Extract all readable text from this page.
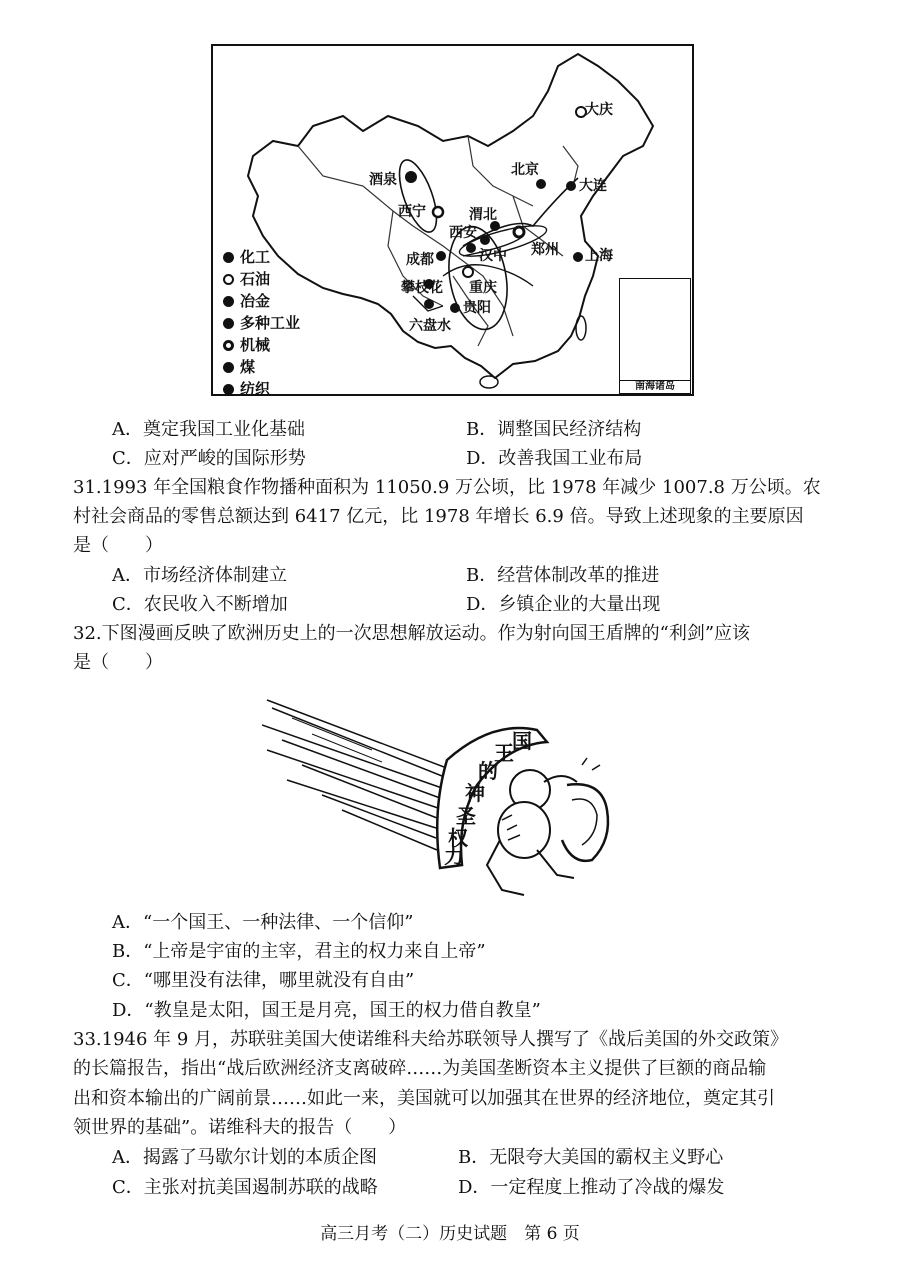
大庆
北京
大连
酒泉
西宁	渭北
西安
郑州
汉中
成都	上海
攀枝花 重庆
贵阳
六盘水
化工
石油
冶金
多种工业
机械
煤
纺织	南海诸岛
A．奠定我国工业化基础	B．调整国民经济结构
C．应对严峻的国际形势	D．改善我国工业布局
31.1993 年全国粮食作物播种面积为 11050.9 万公顷，比 1978 年减少 1007.8 万公顷。农
村社会商品的零售总额达到 6417 亿元，比 1978 年增长 6.9 倍。导致上述现象的主要原因
是（　　）
A．市场经济体制建立	B．经营体制改革的推进
C．农民收入不断增加	D．乡镇企业的大量出现
32.下图漫画反映了欧洲历史上的一次思想解放运动。作为射向国王盾牌的“利剑”应该
是（　　）
国
王
的
神
圣
权
力
A．“一个国王、一种法律、一个信仰”
B．“上帝是宇宙的主宰，君主的权力来自上帝”
C．“哪里没有法律，哪里就没有自由”
D．“教皇是太阳，国王是月亮，国王的权力借自教皇”
33.1946 年 9 月，苏联驻美国大使诺维科夫给苏联领导人撰写了《战后美国的外交政策》
的长篇报告，指出“战后欧洲经济支离破碎……为美国垄断资本主义提供了巨额的商品输
出和资本输出的广阔前景……如此一来，美国就可以加强其在世界的经济地位，奠定其引
领世界的基础”。诺维科夫的报告（　　）
A．揭露了马歇尔计划的本质企图	B．无限夸大美国的霸权主义野心
C．主张对抗美国遏制苏联的战略	D．一定程度上推动了冷战的爆发
高三月考（二）历史试题　第 6 页
